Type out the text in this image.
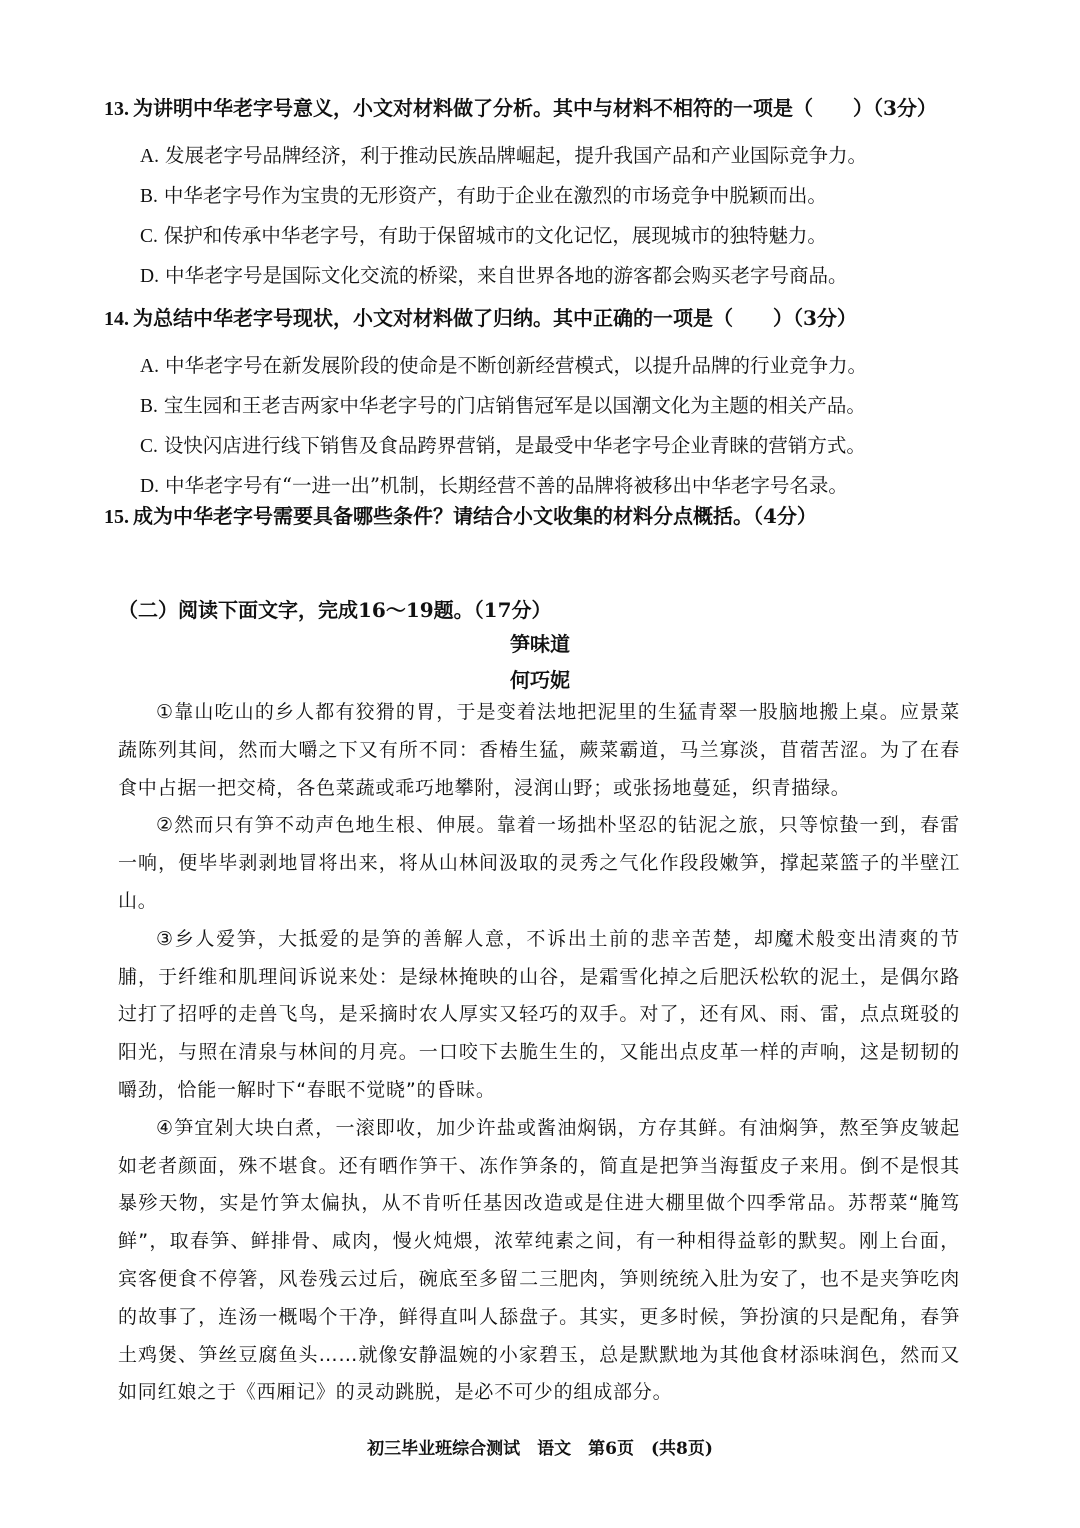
13. 为讲明中华老字号意义，小文对材料做了分析。其中与材料不相符的一项是（　　）（3分）
A. 发展老字号品牌经济，利于推动民族品牌崛起，提升我国产品和产业国际竞争力。
B. 中华老字号作为宝贵的无形资产，有助于企业在激烈的市场竞争中脱颖而出。
C. 保护和传承中华老字号，有助于保留城市的文化记忆，展现城市的独特魅力。
D. 中华老字号是国际文化交流的桥梁，来自世界各地的游客都会购买老字号商品。
14. 为总结中华老字号现状，小文对材料做了归纳。其中正确的一项是（　　）（3分）
A. 中华老字号在新发展阶段的使命是不断创新经营模式，以提升品牌的行业竞争力。
B. 宝生园和王老吉两家中华老字号的门店销售冠军是以国潮文化为主题的相关产品。
C. 设快闪店进行线下销售及食品跨界营销，是最受中华老字号企业青睐的营销方式。
D. 中华老字号有“一进一出”机制，长期经营不善的品牌将被移出中华老字号名录。
15. 成为中华老字号需要具备哪些条件？请结合小文收集的材料分点概括。（4分）
（二）阅读下面文字，完成16～19题。（17分）
笋味道
何巧妮

①靠山吃山的乡人都有狡猾的胃，于是变着法地把泥里的生猛青翠一股脑地搬上桌。应景菜蔬陈列其间，然而大嚼之下又有所不同：香椿生猛，蕨菜霸道，马兰寡淡，苜蓿苦涩。为了在春食中占据一把交椅，各色菜蔬或乖巧地攀附，浸润山野；或张扬地蔓延，织青描绿。

②然而只有笋不动声色地生根、伸展。靠着一场拙朴坚忍的钻泥之旅，只等惊蛰一到，春雷一响，便毕毕剥剥地冒将出来，将从山林间汲取的灵秀之气化作段段嫩笋，撑起菜篮子的半壁江山。

③乡人爱笋，大抵爱的是笋的善解人意，不诉出土前的悲辛苦楚，却魔术般变出清爽的节脯，于纤维和肌理间诉说来处：是绿林掩映的山谷，是霜雪化掉之后肥沃松软的泥土，是偶尔路过打了招呼的走兽飞鸟，是采摘时农人厚实又轻巧的双手。对了，还有风、雨、雷，点点斑驳的阳光，与照在清泉与林间的月亮。一口咬下去脆生生的，又能出点皮革一样的声响，这是韧韧的嚼劲，恰能一解时下“春眠不觉晓”的昏昧。

④笋宜剁大块白煮，一滚即收，加少许盐或酱油焖锅，方存其鲜。有油焖笋，熬至笋皮皱起如老者颜面，殊不堪食。还有晒作笋干、冻作笋条的，简直是把笋当海蜇皮子来用。倒不是恨其暴殄天物，实是竹笋太偏执，从不肯听任基因改造或是住进大棚里做个四季常品。苏帮菜“腌笃鲜”，取春笋、鲜排骨、咸肉，慢火炖煨，浓荤纯素之间，有一种相得益彰的默契。刚上台面，宾客便食不停箸，风卷残云过后，碗底至多留二三肥肉，笋则统统入肚为安了，也不是夹笋吃肉的故事了，连汤一概喝个干净，鲜得直叫人舔盘子。其实，更多时候，笋扮演的只是配角，春笋土鸡煲、笋丝豆腐鱼头……就像安静温婉的小家碧玉，总是默默地为其他食材添味润色，然而又如同红娘之于《西厢记》的灵动跳脱，是必不可少的组成部分。

初三毕业班综合测试　语文　第6页　(共8页)
